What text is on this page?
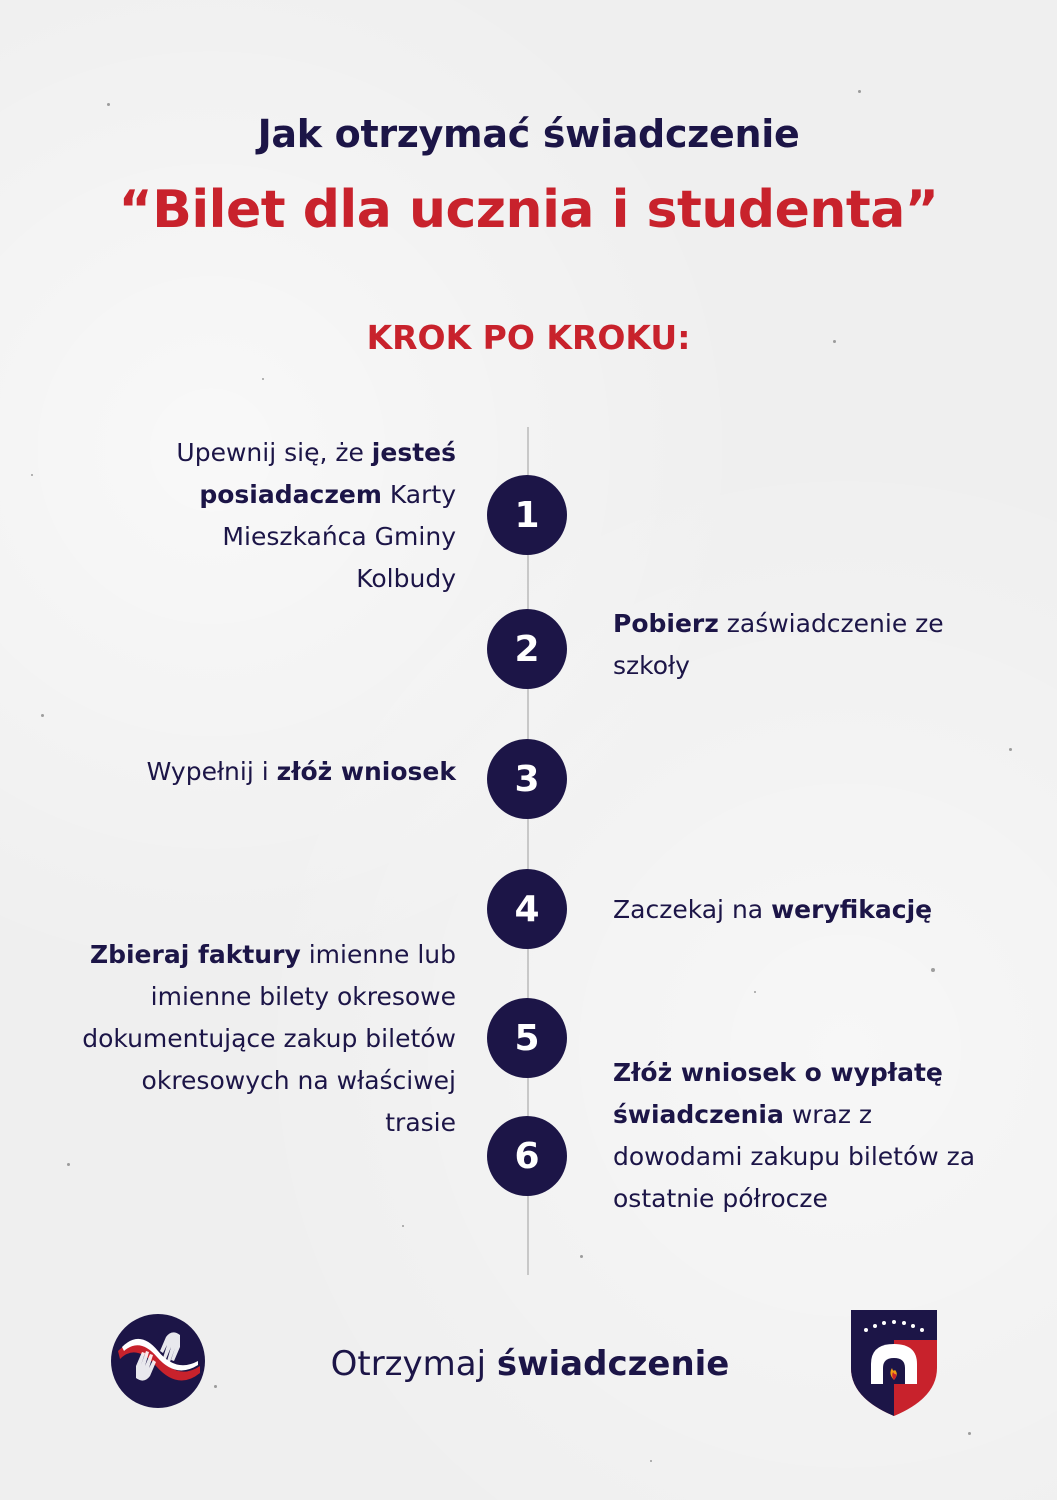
Jak otrzymać świadczenie
“Bilet dla ucznia i studenta”
KROK PO KROKU:
1
Upewnij się, że jesteś posiadaczem Karty Mieszkańca Gminy Kolbudy
2
Pobierz zaświadczenie ze szkoły
3
Wypełnij i złóż wniosek
4	Zaczekaj na weryfikację
5
Zbieraj faktury imienne lub imienne bilety okresowe dokumentujące zakup biletów okresowych na właściwej trasie
6
Złóż wniosek o wypłatę świadczenia wraz z dowodami zakupu biletów za ostatnie półrocze
Otrzymaj świadczenie
